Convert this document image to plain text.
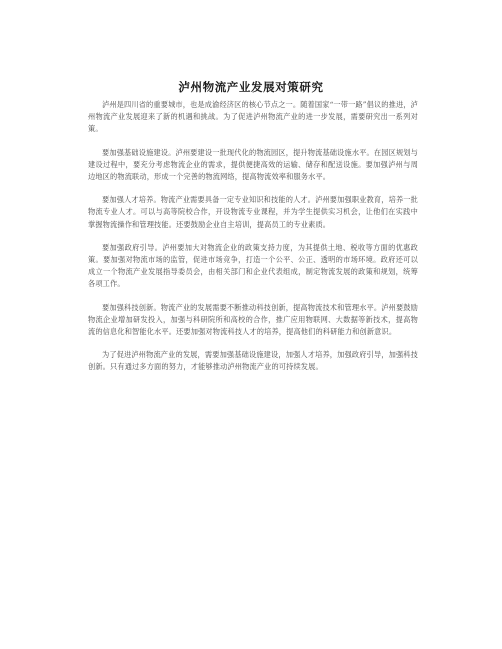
泸州物流产业发展对策研究

泸州是四川省的重要城市，也是成渝经济区的核心节点之一。随着国家“一带一路”倡议的推进，泸州物流产业发展迎来了新的机遇和挑战。为了促进泸州物流产业的进一步发展，需要研究出一系列对策。

要加强基础设施建设。泸州要建设一批现代化的物流园区，提升物流基础设施水平。在园区规划与建设过程中，要充分考虑物流企业的需求，提供便捷高效的运输、储存和配送设施。要加强泸州与周边地区的物流联动，形成一个完善的物流网络，提高物流效率和服务水平。

要加强人才培养。物流产业需要具备一定专业知识和技能的人才。泸州要加强职业教育，培养一批物流专业人才。可以与高等院校合作，开设物流专业课程，并为学生提供实习机会，让他们在实践中掌握物流操作和管理技能。还要鼓励企业自主培训，提高员工的专业素质。

要加强政府引导。泸州要加大对物流企业的政策支持力度，为其提供土地、税收等方面的优惠政策。要加强对物流市场的监管，促进市场竞争，打造一个公平、公正、透明的市场环境。政府还可以成立一个物流产业发展指导委员会，由相关部门和企业代表组成，制定物流发展的政策和规划，统筹各项工作。

要加强科技创新。物流产业的发展需要不断推动科技创新，提高物流技术和管理水平。泸州要鼓励物流企业增加研发投入，加强与科研院所和高校的合作，推广应用物联网、大数据等新技术，提高物流的信息化和智能化水平。还要加强对物流科技人才的培养，提高他们的科研能力和创新意识。

为了促进泸州物流产业的发展，需要加强基础设施建设，加强人才培养，加强政府引导，加强科技创新。只有通过多方面的努力，才能够推动泸州物流产业的可持续发展。
